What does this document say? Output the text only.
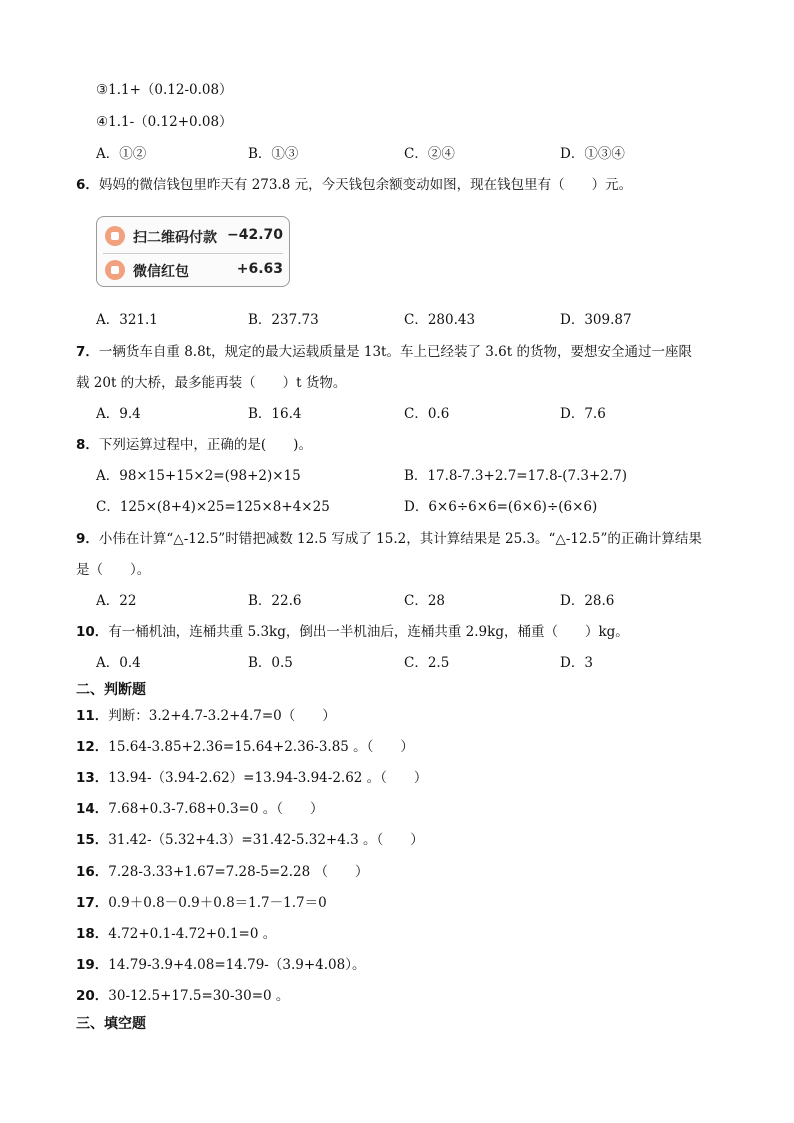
③1.1+（0.12-0.08）
④1.1-（0.12+0.08）
A．①②	B．①③	C．②④	D．①③④
6．妈妈的微信钱包里昨天有 273.8 元，今天钱包余额变动如图，现在钱包里有（　　）元。
扫二维码付款 −42.70
微信红包	+6.63
A．321.1	B．237.73	C．280.43	D．309.87
7．一辆货车自重 8.8t，规定的最大运载质量是 13t。车上已经装了 3.6t 的货物，要想安全通过一座限
载 20t 的大桥，最多能再装（　　）t 货物。
A．9.4	B．16.4	C．0.6	D．7.6
8．下列运算过程中，正确的是(　　)。
A．98×15+15×2=(98+2)×15	B．17.8-7.3+2.7=17.8-(7.3+2.7)
C．125×(8+4)×25=125×8+4×25	D．6×6÷6×6=(6×6)÷(6×6)
9．小伟在计算“△-12.5”时错把减数 12.5 写成了 15.2，其计算结果是 25.3。“△-12.5”的正确计算结果
是（　　）。
A．22	B．22.6	C．28	D．28.6
10．有一桶机油，连桶共重 5.3kg，倒出一半机油后，连桶共重 2.9kg，桶重（　　）kg。
A．0.4	B．0.5	C．2.5	D．3
二、判断题
11．判断：3.2+4.7-3.2+4.7=0（　　）
12．15.64-3.85+2.36=15.64+2.36-3.85 。（　　）
13．13.94-（3.94-2.62）=13.94-3.94-2.62 。（　　）
14．7.68+0.3-7.68+0.3=0 。（　　）
15．31.42-（5.32+4.3）=31.42-5.32+4.3 。（　　）
16．7.28-3.33+1.67=7.28-5=2.28 （　　）
17．0.9＋0.8－0.9＋0.8＝1.7－1.7＝0
18．4.72+0.1-4.72+0.1=0 。
19．14.79-3.9+4.08=14.79-（3.9+4.08）。
20．30-12.5+17.5=30-30=0 。
三、填空题
